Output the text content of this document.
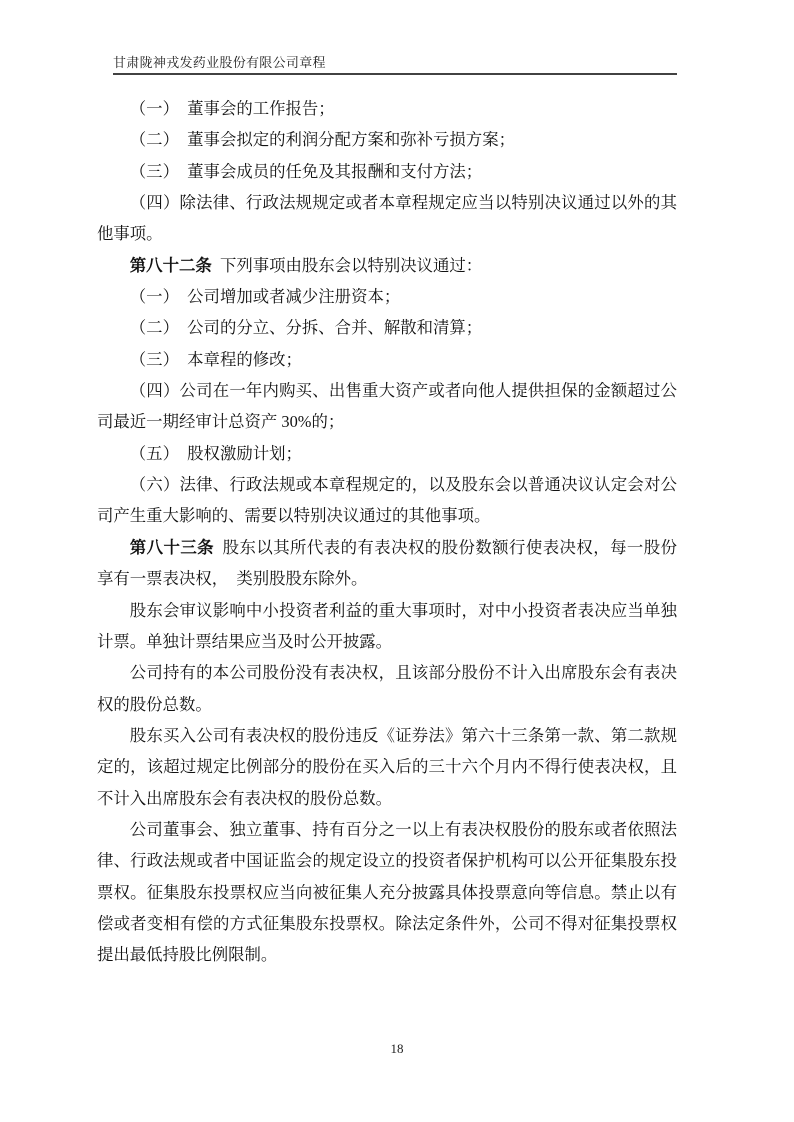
甘肃陇神戎发药业股份有限公司章程

（一） 董事会的工作报告；

（二） 董事会拟定的利润分配方案和弥补亏损方案；

（三） 董事会成员的任免及其报酬和支付方法；

（四）除法律、行政法规规定或者本章程规定应当以特别决议通过以外的其他事项。

第八十二条 下列事项由股东会以特别决议通过：

（一） 公司增加或者减少注册资本；

（二） 公司的分立、分拆、合并、解散和清算；

（三） 本章程的修改；

（四）公司在一年内购买、出售重大资产或者向他人提供担保的金额超过公司最近一期经审计总资产 30%的；

（五） 股权激励计划；

（六）法律、行政法规或本章程规定的，以及股东会以普通决议认定会对公司产生重大影响的、需要以特别决议通过的其他事项。

第八十三条 股东以其所代表的有表决权的股份数额行使表决权，每一股份享有一票表决权，　类别股股东除外。

股东会审议影响中小投资者利益的重大事项时，对中小投资者表决应当单独计票。单独计票结果应当及时公开披露。

公司持有的本公司股份没有表决权，且该部分股份不计入出席股东会有表决权的股份总数。

股东买入公司有表决权的股份违反《证券法》第六十三条第一款、第二款规定的，该超过规定比例部分的股份在买入后的三十六个月内不得行使表决权，且不计入出席股东会有表决权的股份总数。

公司董事会、独立董事、持有百分之一以上有表决权股份的股东或者依照法律、行政法规或者中国证监会的规定设立的投资者保护机构可以公开征集股东投票权。征集股东投票权应当向被征集人充分披露具体投票意向等信息。禁止以有偿或者变相有偿的方式征集股东投票权。除法定条件外，公司不得对征集投票权提出最低持股比例限制。

18
